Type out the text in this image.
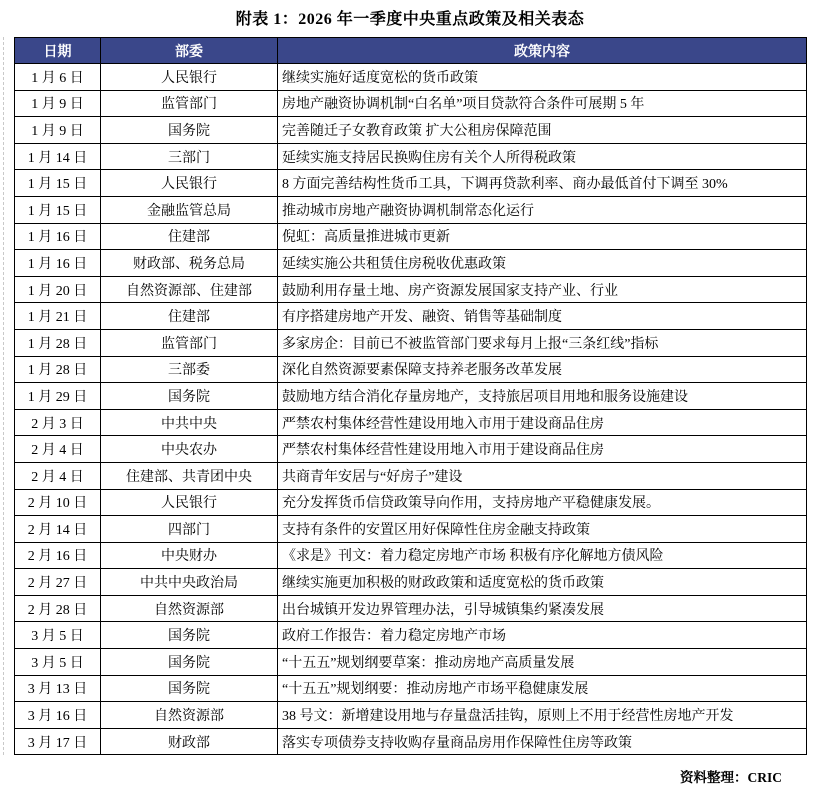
附表 1：2026 年一季度中央重点政策及相关表态
日期	部委	政策内容
1 月 6 日	人民银行	继续实施好适度宽松的货币政策
1 月 9 日	监管部门	房地产融资协调机制“白名单”项目贷款符合条件可展期 5 年
1 月 9 日	国务院	完善随迁子女教育政策 扩大公租房保障范围
1 月 14 日	三部门	延续实施支持居民换购住房有关个人所得税政策
1 月 15 日	人民银行	8 方面完善结构性货币工具，下调再贷款利率、商办最低首付下调至 30%
1 月 15 日	金融监管总局	推动城市房地产融资协调机制常态化运行
1 月 16 日	住建部	倪虹：高质量推进城市更新
1 月 16 日	财政部、税务总局	延续实施公共租赁住房税收优惠政策
1 月 20 日	自然资源部、住建部	鼓励利用存量土地、房产资源发展国家支持产业、行业
1 月 21 日	住建部	有序搭建房地产开发、融资、销售等基础制度
1 月 28 日	监管部门	多家房企：目前已不被监管部门要求每月上报“三条红线”指标
1 月 28 日	三部委	深化自然资源要素保障支持养老服务改革发展
1 月 29 日	国务院	鼓励地方结合消化存量房地产，支持旅居项目用地和服务设施建设
2 月 3 日	中共中央	严禁农村集体经营性建设用地入市用于建设商品住房
2 月 4 日	中央农办	严禁农村集体经营性建设用地入市用于建设商品住房
2 月 4 日	住建部、共青团中央	共商青年安居与“好房子”建设
2 月 10 日	人民银行	充分发挥货币信贷政策导向作用，支持房地产平稳健康发展。
2 月 14 日	四部门	支持有条件的安置区用好保障性住房金融支持政策
2 月 16 日	中央财办	《求是》刊文：着力稳定房地产市场 积极有序化解地方债风险
2 月 27 日	中共中央政治局	继续实施更加积极的财政政策和适度宽松的货币政策
2 月 28 日	自然资源部	出台城镇开发边界管理办法，引导城镇集约紧凑发展
3 月 5 日	国务院	政府工作报告：着力稳定房地产市场
3 月 5 日	国务院	“十五五”规划纲要草案：推动房地产高质量发展
3 月 13 日	国务院	“十五五”规划纲要：推动房地产市场平稳健康发展
3 月 16 日	自然资源部	38 号文：新增建设用地与存量盘活挂钩，原则上不用于经营性房地产开发
3 月 17 日	财政部	落实专项债券支持收购存量商品房用作保障性住房等政策
资料整理：CRIC
